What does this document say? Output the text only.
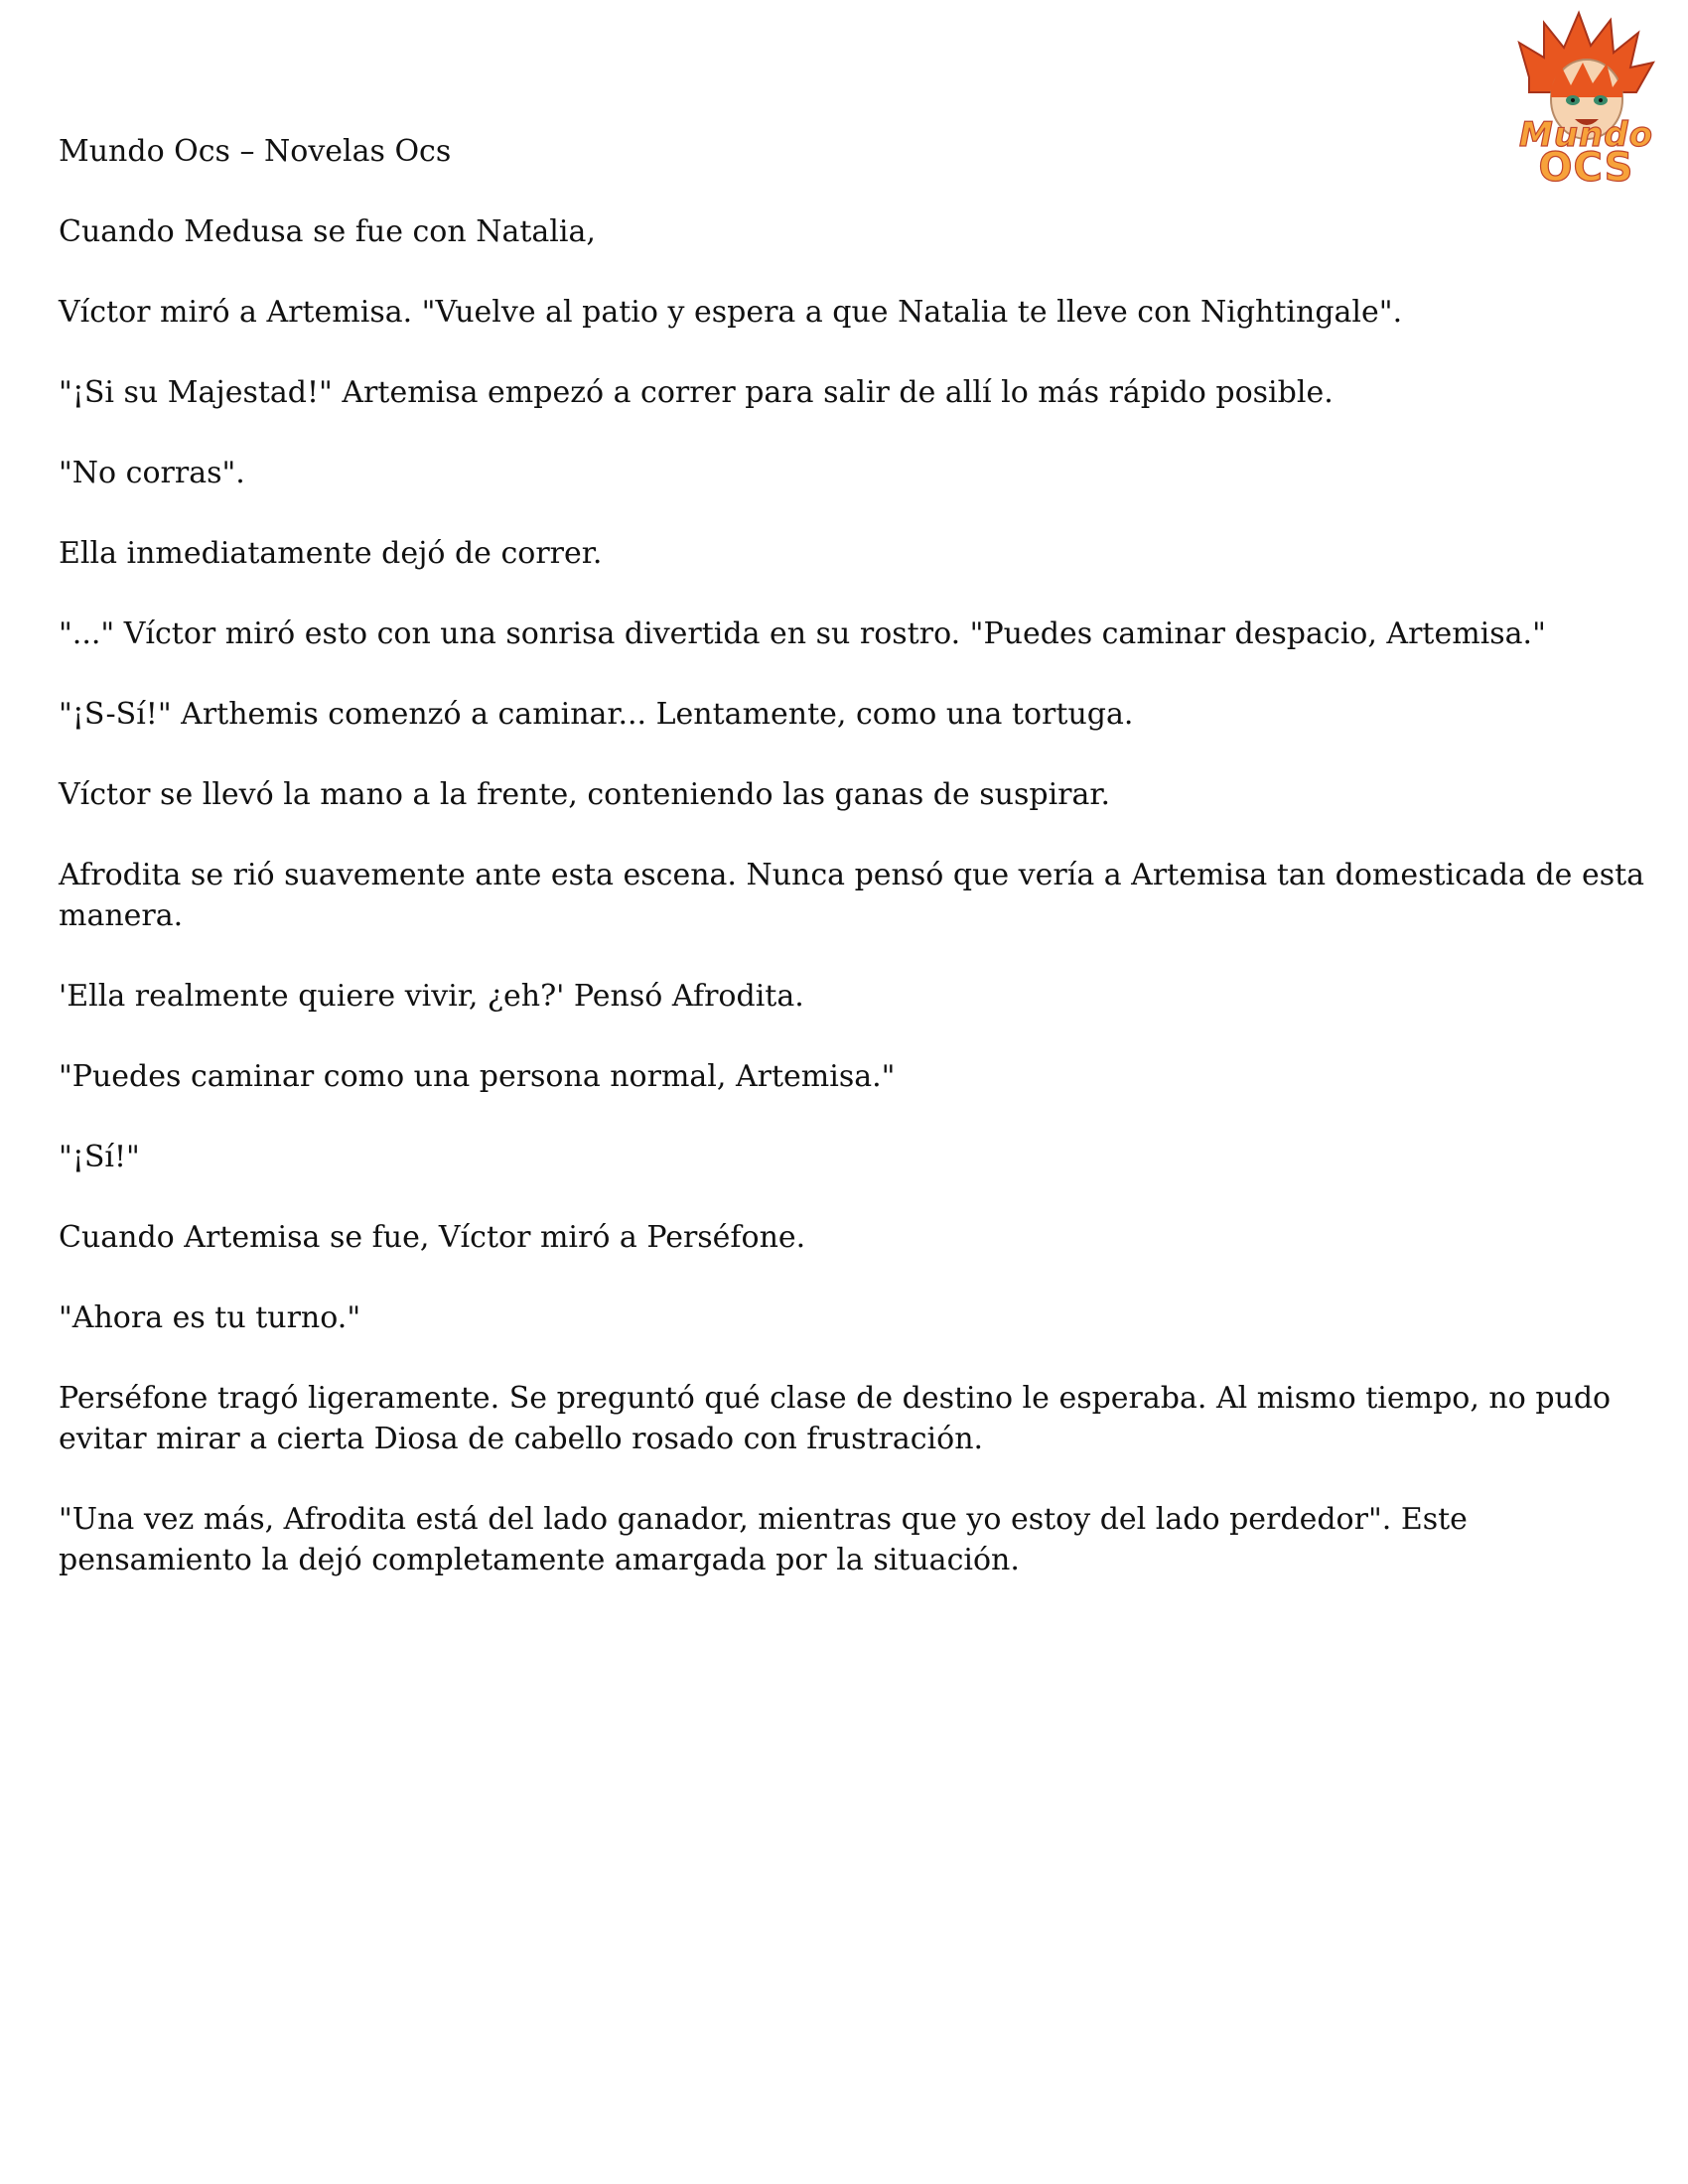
Mundo
OCS

Mundo Ocs – Novelas Ocs

Cuando Medusa se fue con Natalia,

Víctor miró a Artemisa. "Vuelve al patio y espera a que Natalia te lleve con Nightingale".

"¡Si su Majestad!" Artemisa empezó a correr para salir de allí lo más rápido posible.

"No corras".

Ella inmediatamente dejó de correr.

"..." Víctor miró esto con una sonrisa divertida en su rostro. "Puedes caminar despacio, Artemisa."

"¡S-Sí!" Arthemis comenzó a caminar... Lentamente, como una tortuga.

Víctor se llevó la mano a la frente, conteniendo las ganas de suspirar.

Afrodita se rió suavemente ante esta escena. Nunca pensó que vería a Artemisa tan domesticada de esta manera.

'Ella realmente quiere vivir, ¿eh?' Pensó Afrodita.

"Puedes caminar como una persona normal, Artemisa."

"¡Sí!"

Cuando Artemisa se fue, Víctor miró a Perséfone.

"Ahora es tu turno."

Perséfone tragó ligeramente. Se preguntó qué clase de destino le esperaba. Al mismo tiempo, no pudo evitar mirar a cierta Diosa de cabello rosado con frustración.

"Una vez más, Afrodita está del lado ganador, mientras que yo estoy del lado perdedor". Este pensamiento la dejó completamente amargada por la situación.
